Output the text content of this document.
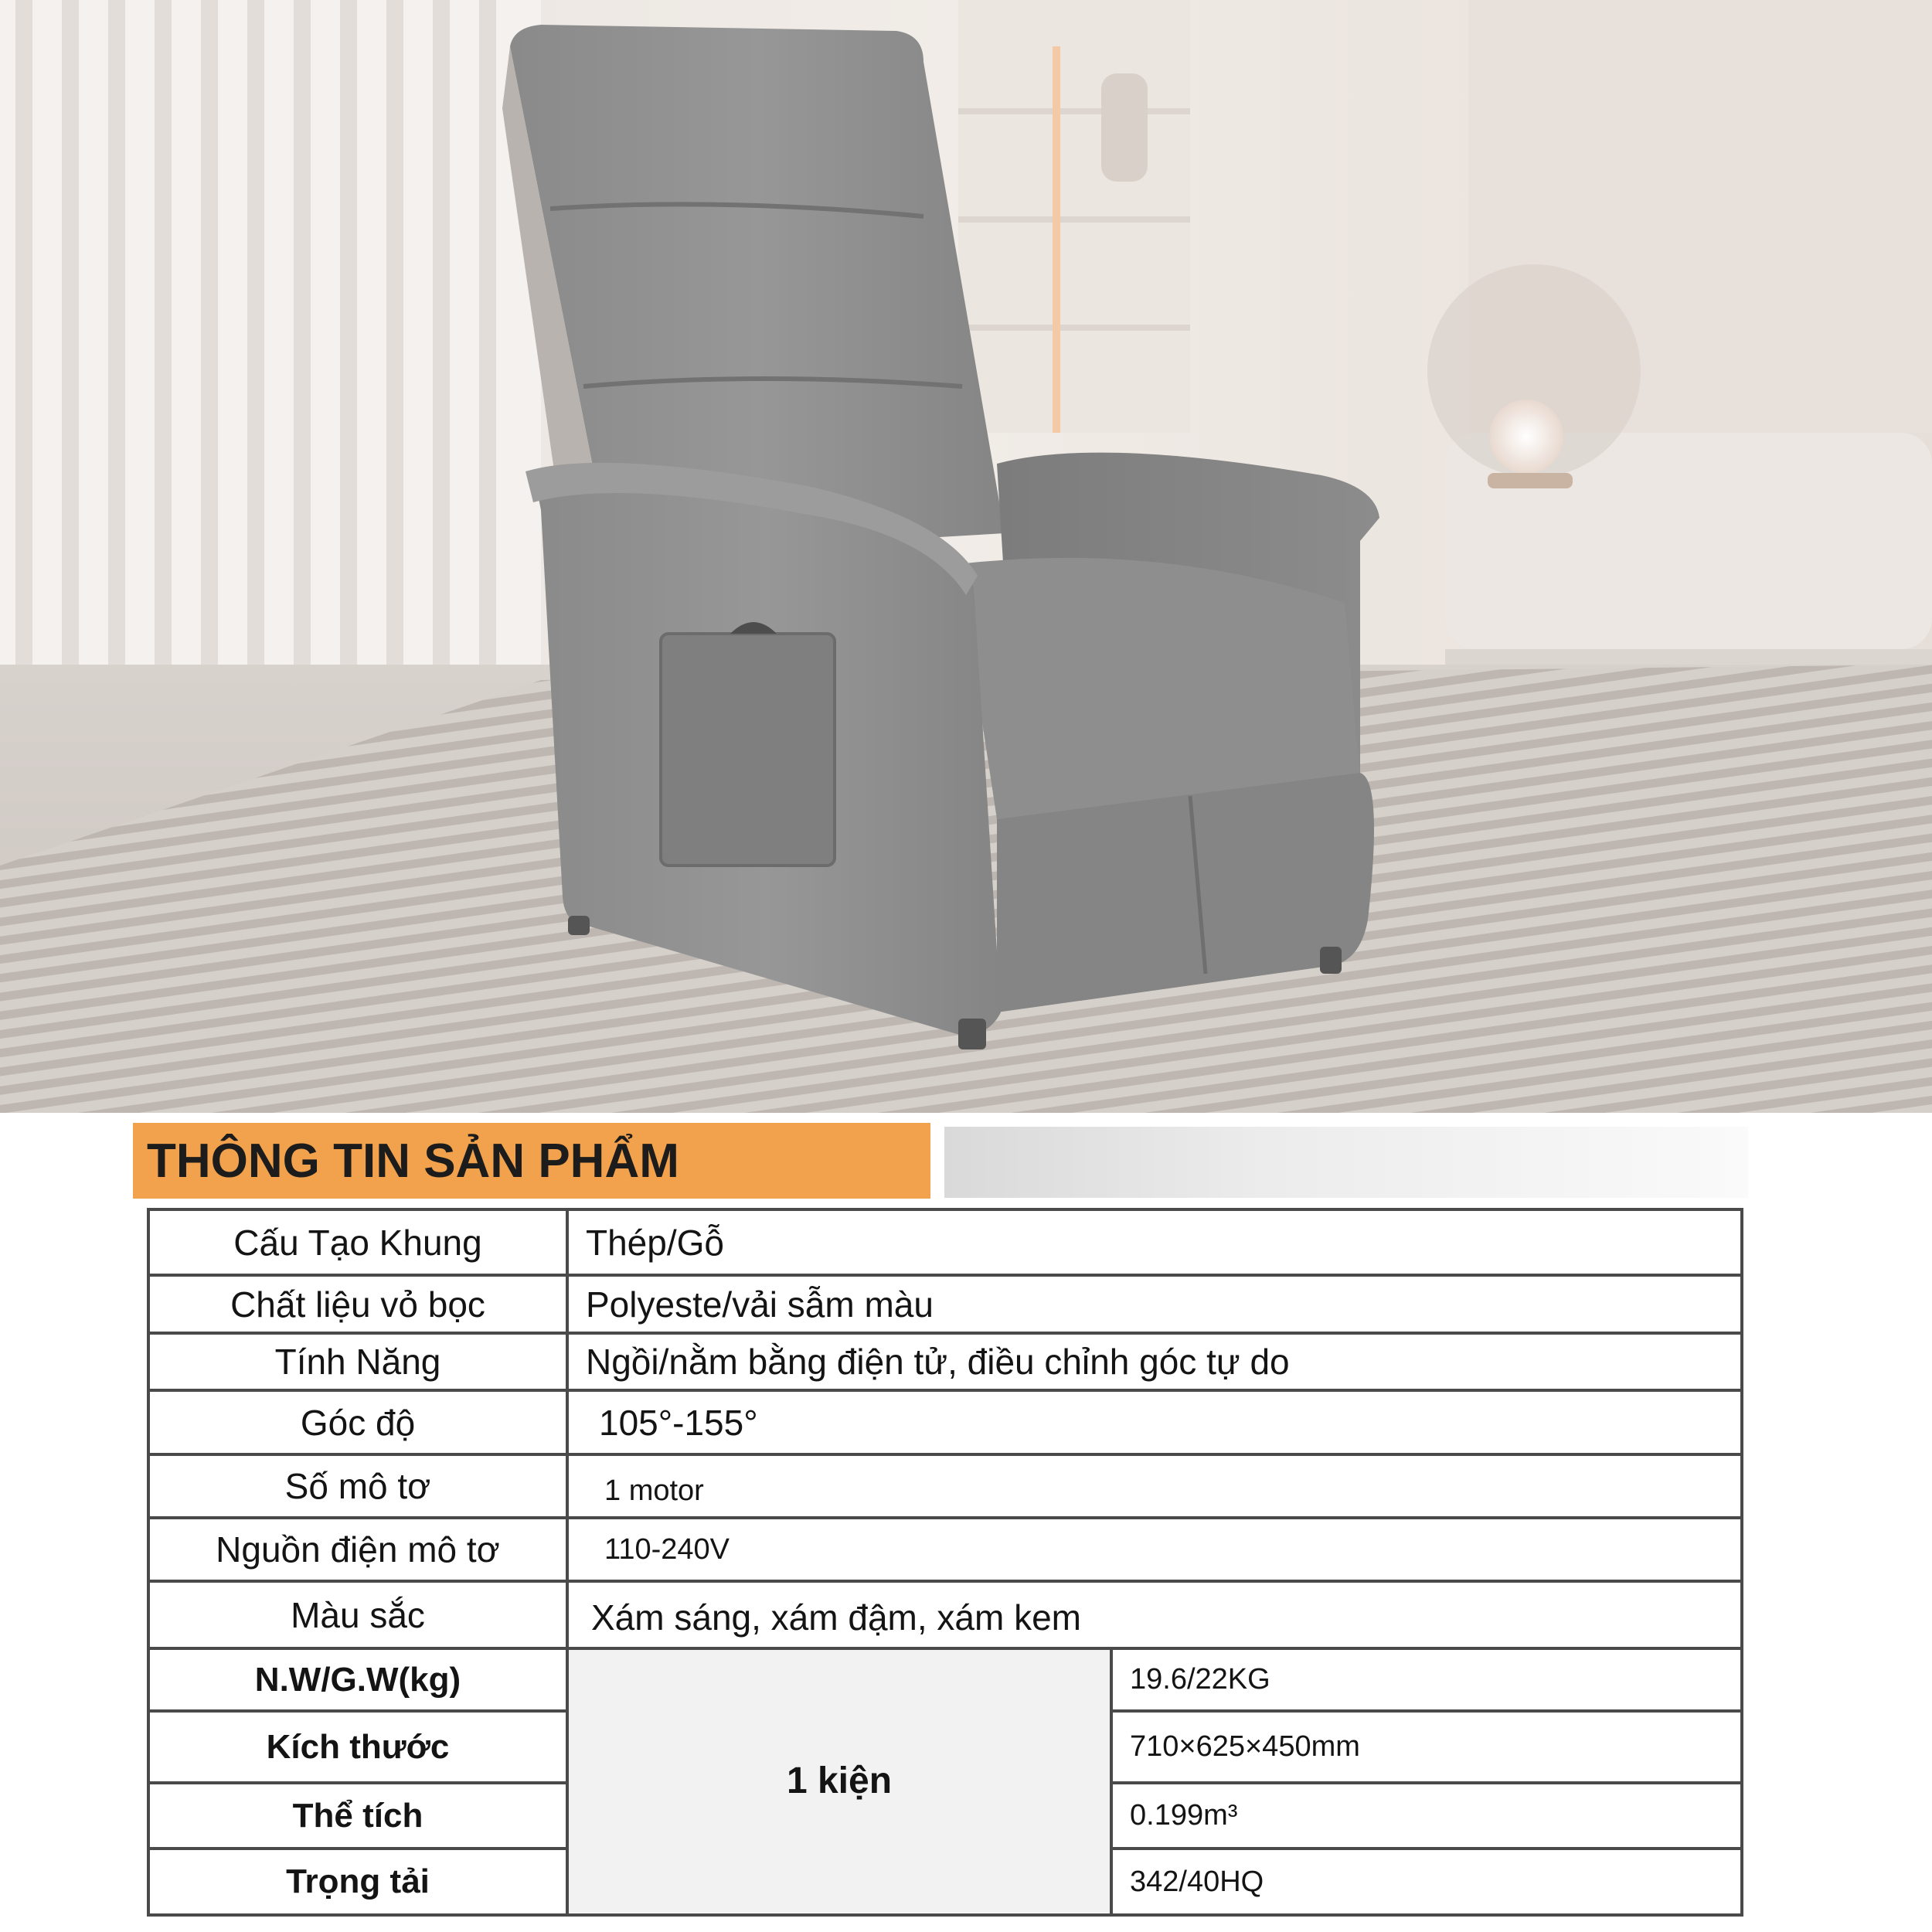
THÔNG TIN SẢN PHẨM
Cấu Tạo Khung	Thép/Gỗ
Chất liệu vỏ bọc	Polyeste/vải sẫm màu
Tính Năng	Ngồi/nằm bằng điện tử, điều chỉnh góc tự do
Góc độ	105°-155°
Số mô tơ	1 motor
Nguồn điện mô tơ	110-240V
Màu sắc	Xám sáng, xám đậm, xám kem
N.W/G.W(kg)	19.6/22KG
Kích thước	710×625×450mm
Thể tích	0.199m³
Trọng tải	342/40HQ
1 kiện
